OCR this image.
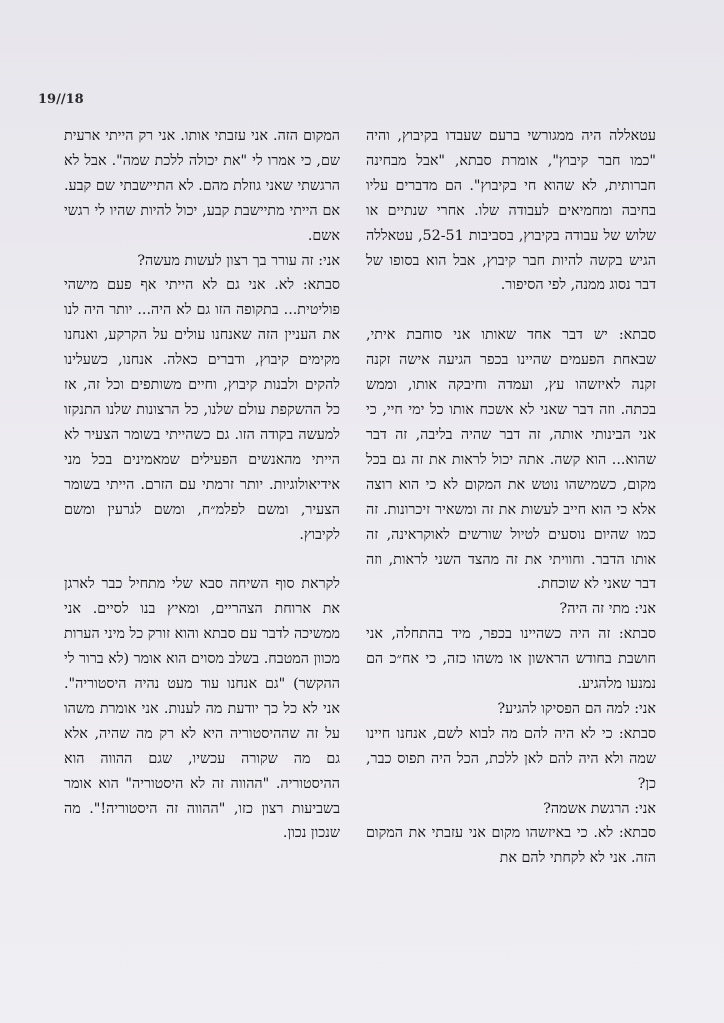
19//18

עטאללה היה ממגורשי ברעם שעבדו בקיבוץ, והיה "כמו חבר קיבוץ", אומרת סבתא, "אבל מבחינה חברותית, לא שהוא חי בקיבוץ". הם מדברים עליו בחיבה ומחמיאים לעבודה שלו. אחרי שנתיים או שלוש של עבודה בקיבוץ, בסביבות 52-51, עטאללה הגיש בקשה להיות חבר קיבוץ, אבל הוא בסופו של דבר נסוג ממנה, לפי הסיפור.

סבתא: יש דבר אחד שאותו אני סוחבת איתי, שבאחת הפעמים שהיינו בכפר הגיעה אישה זקנה זקנה לאיזשהו עץ, ועמדה וחיבקה אותו, וממש בכתה. וזה דבר שאני לא אשכח אותו כל ימי חיי, כי אני הבינותי אותה, זה דבר שהיה בליבה, זה דבר שהוא... הוא קשה. אתה יכול לראות את זה גם בכל מקום, כשמישהו נוטש את המקום לא כי הוא רוצה אלא כי הוא חייב לעשות את זה ומשאיר זיכרונות. זה כמו שהיום נוסעים לטיול שורשים לאוקראינה, זה אותו הדבר. וחוויתי את זה מהצד השני לראות, וזה דבר שאני לא שוכחת.

אני: מתי זה היה?

סבתא: זה היה כשהיינו בכפר, מיד בהתחלה, אני חושבת בחודש הראשון או משהו כזה, כי אח״כ הם נמנעו מלהגיע.

אני: למה הם הפסיקו להגיע?

סבתא: כי לא היה להם מה לבוא לשם, אנחנו חיינו שמה ולא היה להם לאן ללכת, הכל היה תפוס כבר, כן?

אני: הרגשת אשמה?

סבתא: לא. כי באיזשהו מקום אני עזבתי את המקום הזה. אני לא לקחתי להם את

המקום הזה. אני עזבתי אותו. אני רק הייתי ארעית שם, כי אמרו לי "את יכולה ללכת שמה". אבל לא הרגשתי שאני גוזלת מהם. לא התיישבתי שם קבע. אם הייתי מתיישבת קבע, יכול להיות שהיו לי רגשי אשם.

אני: זה עורר בך רצון לעשות מעשה?

סבתא: לא. אני גם לא הייתי אף פעם מישהי פוליטית... בתקופה הזו גם לא היה... יותר היה לנו את העניין הזה שאנחנו עולים על הקרקע, ואנחנו מקימים קיבוץ, ודברים כאלה. אנחנו, כשעלינו להקים ולבנות קיבוץ, וחיים משותפים וכל זה, אז כל ההשקפת עולם שלנו, כל הרצונות שלנו התנקזו למעשה בקודה הזו. גם כשהייתי בשומר הצעיר לא הייתי מהאנשים הפעילים שמאמינים בכל מני אידיאולוגיות. יותר זרמתי עם הזרם. הייתי בשומר הצעיר, ומשם לפלמ״ח, ומשם לגרעין ומשם לקיבוץ.

לקראת סוף השיחה סבא שלי מתחיל כבר לארגן את ארוחת הצהריים, ומאיץ בנו לסיים. אני ממשיכה לדבר עם סבתא והוא זורק כל מיני הערות מכוון המטבח. בשלב מסוים הוא אומר (לא ברור לי ההקשר) "גם אנחנו עוד מעט נהיה היסטוריה". אני לא כל כך יודעת מה לענות. אני אומרת משהו על זה שההיסטוריה היא לא רק מה שהיה, אלא גם מה שקורה עכשיו, שגם ההווה הוא ההיסטוריה. "ההווה זה לא היסטוריה" הוא אומר בשביעות רצון כזו, "ההווה זה היסטוריה!". מה שנכון נכון.
